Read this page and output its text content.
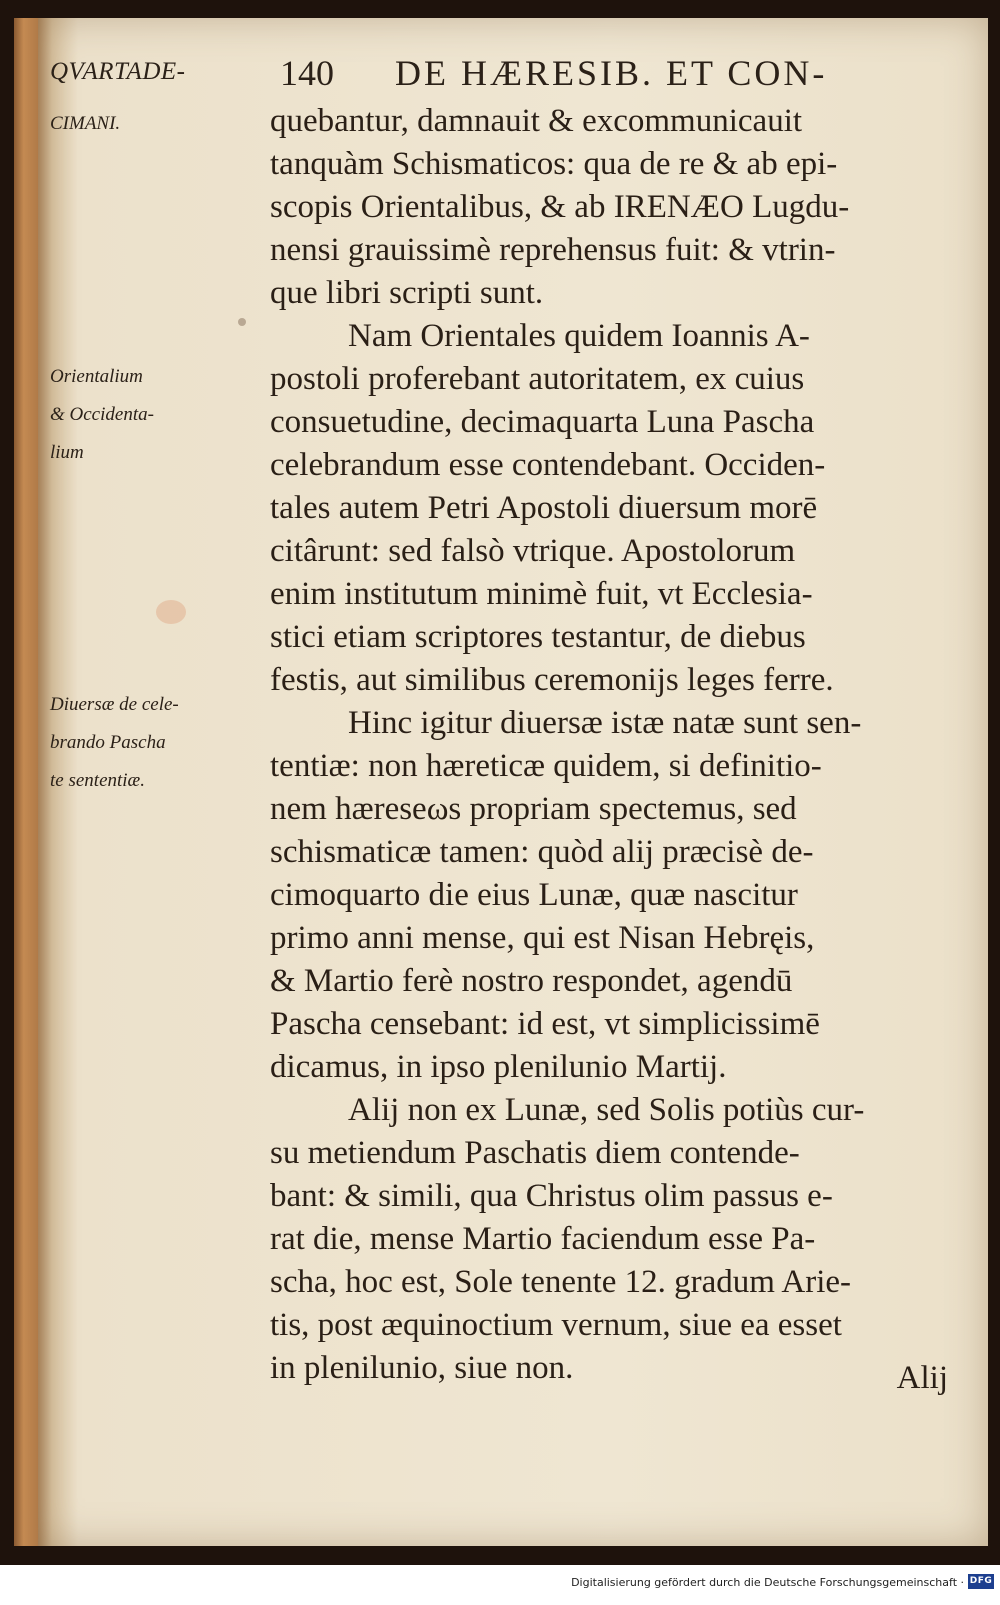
QVARTADE-	140 DE HÆRESIB. ET CON-
CIMANI.
Orientalium
& Occidenta-
lium
Diuersæ de cele-
brando Pascha
te sententiæ.
quebantur, damnauit & excommunicauit
tanquàm Schismaticos: qua de re & ab epi-
scopis Orientalibus, & ab IRENÆO Lugdu-
nensi grauissimè reprehensus fuit: & vtrin-
que libri scripti sunt.
Nam Orientales quidem Ioannis A-
postoli proferebant autoritatem, ex cuius
consuetudine, decimaquarta Luna Pascha
celebrandum esse contendebant. Occiden-
tales autem Petri Apostoli diuersum morē
citârunt: sed falsò vtrique. Apostolorum
enim institutum minimè fuit, vt Ecclesia-
stici etiam scriptores testantur, de diebus
festis, aut similibus ceremonijs leges ferre.
Hinc igitur diuersæ istæ natæ sunt sen-
tentiæ: non hæreticæ quidem, si definitio-
nem hæreseωs propriam spectemus, sed
schismaticæ tamen: quòd alij præcisè de-
cimoquarto die eius Lunæ, quæ nascitur
primo anni mense, qui est Nisan Hebręis,
& Martio ferè nostro respondet, agendū
Pascha censebant: id est, vt simplicissimē
dicamus, in ipso plenilunio Martij.
Alij non ex Lunæ, sed Solis potiùs cur-
su metiendum Paschatis diem contende-
bant: & simili, qua Christus olim passus e-
rat die, mense Martio faciendum esse Pa-
scha, hoc est, Sole tenente 12. gradum Arie-
tis, post æquinoctium vernum, siue ea esset
in plenilunio, siue non.	Alij
Digitalisierung gefördert durch die Deutsche Forschungsgemeinschaft · DFG
